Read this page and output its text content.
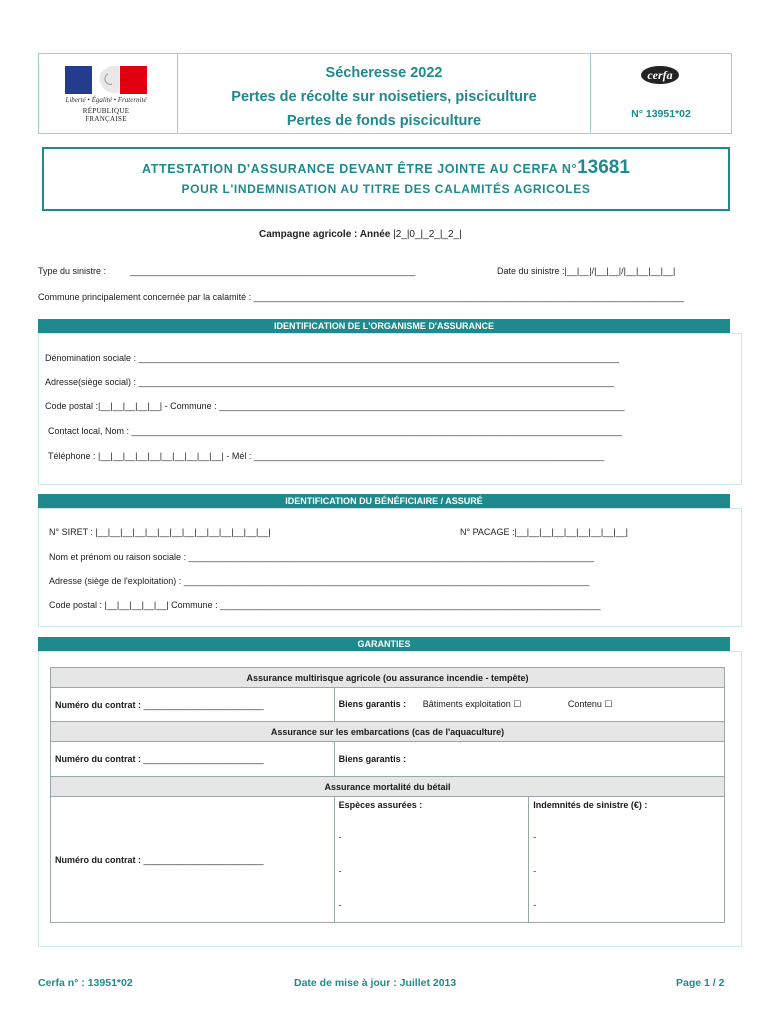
Liberté • Égalité • Fraternité
RÉPUBLIQUE FRANÇAISE
Sécheresse 2022
Pertes de récolte sur noisetiers, pisciculture
Pertes de fonds pisciculture
cerfa
N° 13951*02
ATTESTATION D'ASSURANCE DEVANT ÊTRE JOINTE AU CERFA N°13681
POUR L'INDEMNISATION AU TITRE DES CALAMITÉS AGRICOLES
Campagne agricole : Année |2_|0_|_2_|_2_|
Type du sinistre :	_________________________________________________________	Date du sinistre :|__|__|/|__|__|/|__|__|__|__|
Commune principalement concernée par la calamité : ______________________________________________________________________________________
IDENTIFICATION DE L'ORGANISME D'ASSURANCE
Dénomination sociale : ________________________________________________________________________________________________
Adresse(siège social) : _______________________________________________________________________________________________
Code postal :|__|__|__|__|__| - Commune : _________________________________________________________________________________
Contact local, Nom : __________________________________________________________________________________________________
Téléphone : |__|__|__|__|__|__|__|__|__|__| - Mél : ______________________________________________________________________
IDENTIFICATION DU BÉNÉFICIAIRE / ASSURÉ
N° SIRET : |__|__|__|__|__|__|__|__|__|__|__|__|__|__|	N° PACAGE :|__|__|__|__|__|__|__|__|__|
Nom et prénom ou raison sociale : _________________________________________________________________________________
Adresse (siège de l'exploitation) : _________________________________________________________________________________
Code postal : |__|__|__|__|__| Commune : ____________________________________________________________________________
GARANTIES
Assurance multirisque agricole (ou assurance incendie - tempête)		
Numéro du contrat : ________________________	Biens garantis : Bâtiments exploitation ☐ Contenu ☐	
Assurance sur les embarcations (cas de l'aquaculture)		
Numéro du contrat : ________________________	Biens garantis :	
Assurance mortalité du bétail		
Numéro du contrat : ________________________	Espèces assurées :	Indemnités de sinistre (€) :
	-	-
	-	-
	-	-
Cerfa n° : 13951*02	Date de mise à jour : Juillet 2013	Page 1 / 2
